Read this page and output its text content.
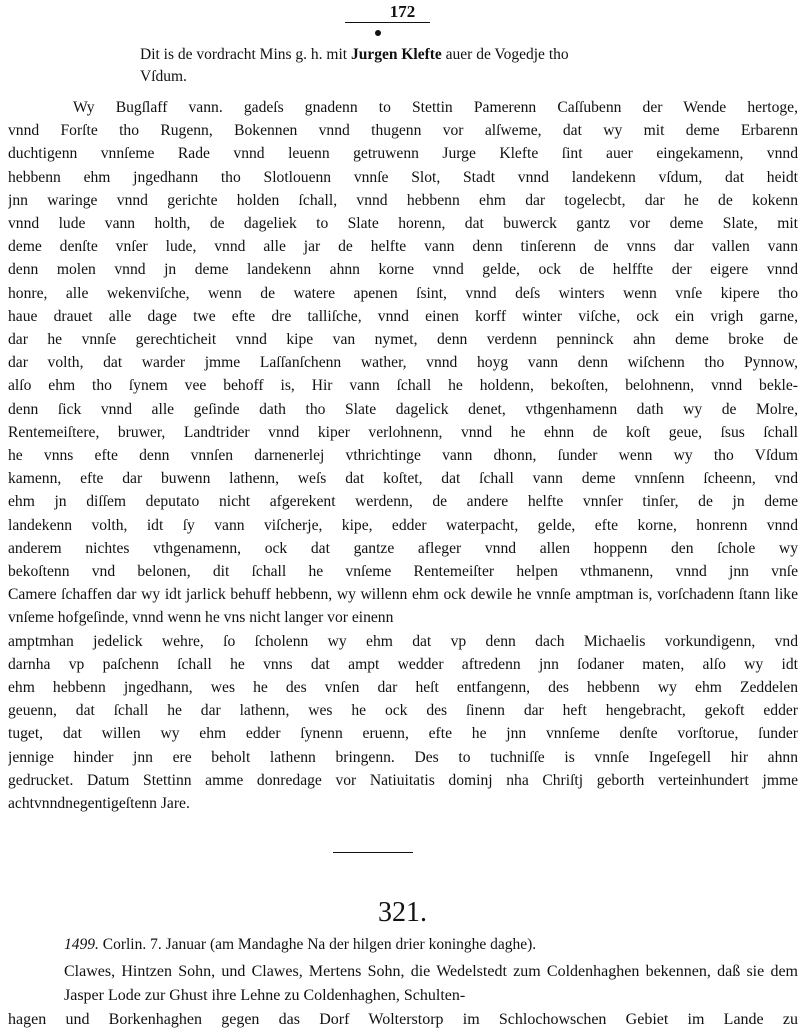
172
Dit is de vordracht Mins g. h. mit Jurgen Klefte auer de Vogedje tho
Vſdum.
Wy Bugſlaff vann. gadeſs gnadenn to Stettin Pamerenn Caſſubenn der Wende hertoge,
vnnd Forſte tho Rugenn, Bokennen vnnd thugenn vor alſweme, dat wy mit deme Erbarenn
duchtigenn vnnſeme Rade vnnd leuenn getruwenn Jurge Klefte ſint auer eingekamenn, vnnd
hebbenn ehm jngedhann tho Slotlouenn vnnſe Slot, Stadt vnnd landekenn vſdum, dat heidt
jnn waringe vnnd gerichte holden ſchall, vnnd hebbenn ehm dar togelecbt, dar he de kokenn
vnnd lude vann holth, de dageliek to Slate horenn, dat buwerck gantz vor deme Slate, mit
deme denſte vnſer lude, vnnd alle jar de helfte vann denn tinſerenn de vnns dar vallen vann
denn molen vnnd jn deme landekenn ahnn korne vnnd gelde, ock de helffte der eigere vnnd
honre, alle wekenviſche, wenn de watere apenen ſsint, vnnd deſs winters wenn vnſe kipere tho
haue drauet alle dage twe efte dre talliſche, vnnd einen korff winter viſche, ock ein vrigh garne,
dar he vnnſe gerechticheit vnnd kipe van nymet, denn verdenn penninck ahn deme broke de
dar volth, dat warder jmme Laſſanſchenn wather, vnnd hoyg vann denn wiſchenn tho Pynnow,
alſo ehm tho ſynem vee behoff is, Hir vann ſchall he holdenn, bekoſten, belohnenn, vnnd bekle-
denn ſick vnnd alle geſinde dath tho Slate dagelick denet, vthgenhamenn dath wy de Molre,
Rentemeiſtere, bruwer, Landtrider vnnd kiper verlohnenn, vnnd he ehnn de koſt geue, ſsus ſchall
he vnns efte denn vnnſen darnenerlej vthrichtinge vann dhonn, ſunder wenn wy tho Vſdum
kamenn, efte dar buwenn lathenn, weſs dat koſtet, dat ſchall vann deme vnnſenn ſcheenn, vnd
ehm jn diſſem deputato nicht afgerekent werdenn, de andere helfte vnnſer tinſer, de jn deme
landekenn volth, idt ſy vann viſcherje, kipe, edder waterpacht, gelde, efte korne, honrenn vnnd
anderem nichtes vthgenamenn, ock dat gantze afleger vnnd allen hoppenn den ſchole wy
bekoſtenn vnd belonen, dit ſchall he vnſeme Rentemeiſter helpen vthmanenn, vnnd jnn vnſe
Camere ſchaffen dar wy idt jarlick behuff hebbenn, wy willenn ehm ock dewile he vnnſe amptman is, vorſchadenn ſtann like vnſeme hofgeſinde, vnnd wenn he vns nicht langer vor einenn
amptmhan jedelick wehre, ſo ſcholenn wy ehm dat vp denn dach Michaelis vorkundigenn, vnd
darnha vp paſchenn ſchall he vnns dat ampt wedder aftredenn jnn ſodaner maten, alſo wy idt
ehm hebbenn jngedhann, wes he des vnſen dar heſt entfangenn, des hebbenn wy ehm Zeddelen
geuenn, dat ſchall he dar lathenn, wes he ock des ſinenn dar heft hengebracht, gekoft edder
tuget, dat willen wy ehm edder ſynenn eruenn, efte he jnn vnnſeme denſte vorſtorue, ſunder
jennige hinder jnn ere beholt lathenn bringenn. Des to tuchniſſe is vnnſe Ingeſegell hir ahnn
gedrucket. Datum Stettinn amme donredage vor Natiuitatis dominj nha Chriſtj geborth verteinhundert jmme achtvnndnegentigeſtenn Jare.
321.
1499. Corlin. 7. Januar (am Mandaghe Na der hilgen drier koninghe daghe).
Clawes, Hintzen Sohn, und Clawes, Mertens Sohn, die Wedelstedt zum Coldenhaghen bekennen, daß sie dem Jasper Lode zur Ghust ihre Lehne zu Coldenhaghen, Schulten-
hagen und Borkenhaghen gegen das Dorf Wolterstorp im Schlochowschen Gebiet im Lande zu
